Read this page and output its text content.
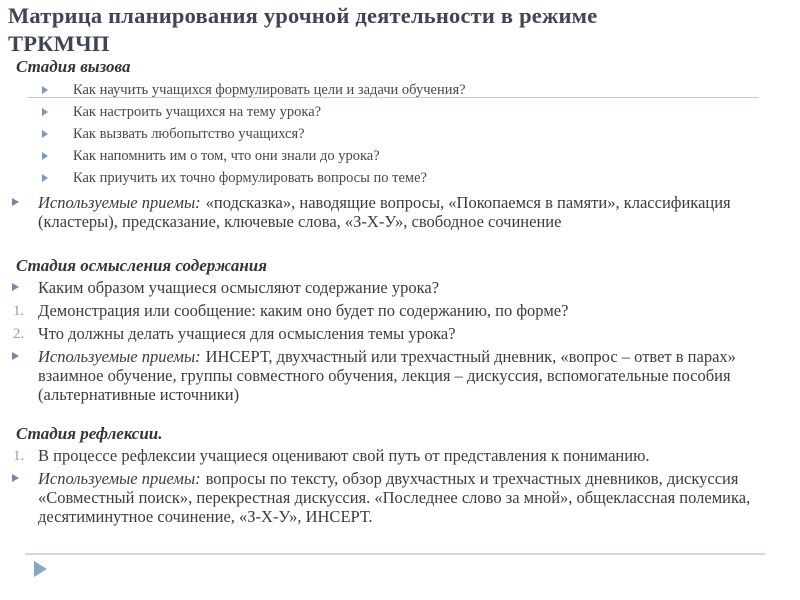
Матрица планирования урочной деятельности в режиме
ТРКМЧП
Стадия вызова
Как научить учащихся формулировать цели и задачи обучения?
Как настроить учащихся на тему урока?
Как вызвать любопытство учащихся?
Как напомнить им о том, что они знали до урока?
Как приучить их точно формулировать вопросы по теме?
Используемые приемы: «подсказка», наводящие вопросы, «Покопаемся в памяти», классификация (кластеры), предсказание, ключевые слова, «З-Х-У», свободное сочинение
Стадия осмысления содержания
Каким образом учащиеся осмысляют содержание урока?
1. Демонстрация или сообщение: каким оно будет по содержанию, по форме?
2. Что должны делать учащиеся для осмысления темы урока?
Используемые приемы: ИНСЕРТ, двухчастный или трехчастный дневник, «вопрос – ответ в парах» взаимное обучение, группы совместного обучения, лекция – дискуссия, вспомогательные пособия (альтернативные источники)
Стадия рефлексии.
1. В процессе рефлексии учащиеся оценивают свой путь от представления к пониманию.
Используемые приемы: вопросы по тексту, обзор двухчастных и трехчастных дневников, дискуссия «Совместный поиск», перекрестная дискуссия. «Последнее слово за мной», общеклассная полемика, десятиминутное сочинение, «З-Х-У», ИНСЕРТ.
